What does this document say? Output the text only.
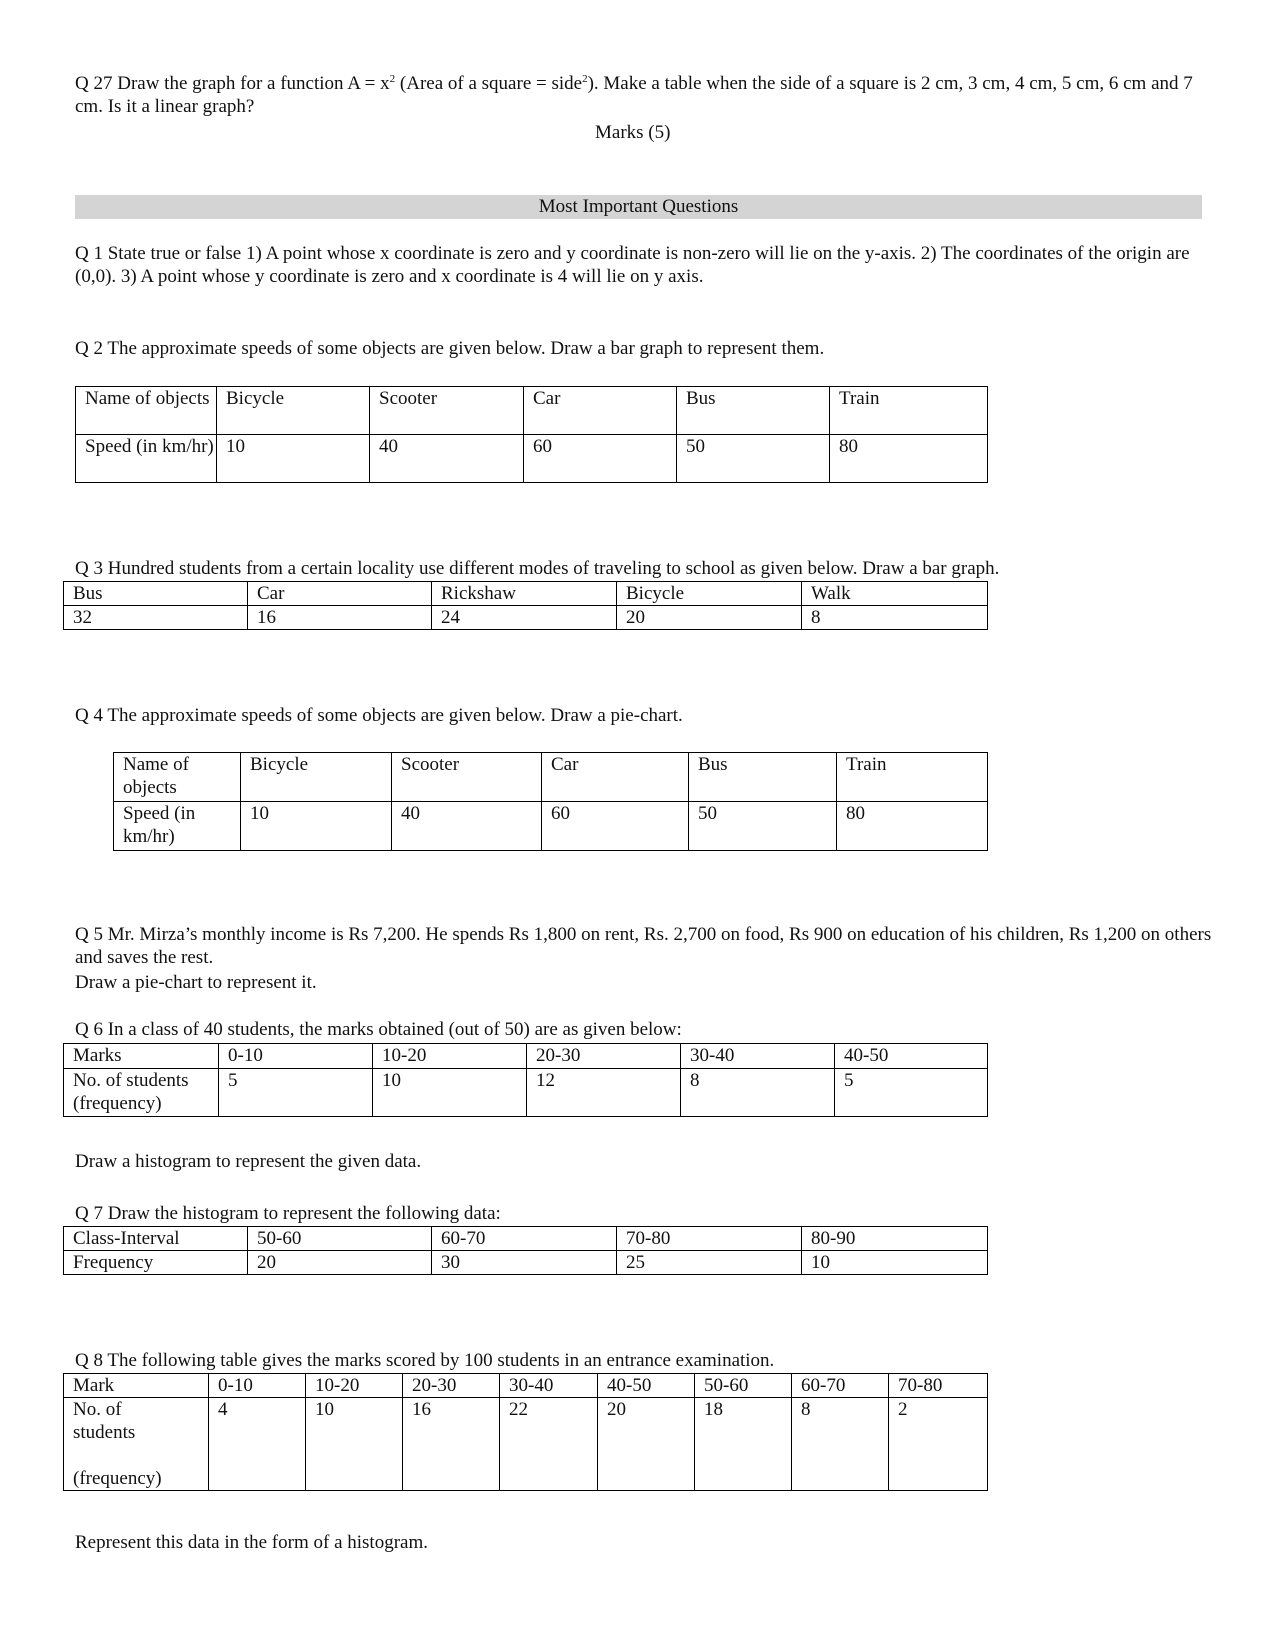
Q 27 Draw the graph for a function $A = x^2$ (Area of a square = side$^2$). Make a table when the side of a square is 2 cm, 3 cm, 4 cm, 5 cm, 6 cm and 7 cm. Is it a linear graph?
Marks (5)
Most Important Questions
Q 1 State true or false 1) A point whose x coordinate is zero and y coordinate is non-zero will lie on the y-axis. 2) The coordinates of the origin are (0,0). 3) A point whose y coordinate is zero and x coordinate is 4 will lie on y axis.
Q 2 The approximate speeds of some objects are given below. Draw a bar graph to represent them.
Name of objects	Bicycle	Scooter	Car	Bus	Train
Speed (in km/hr)	10	40	60	50	80
Q 3 Hundred students from a certain locality use different modes of traveling to school as given below. Draw a bar graph.
Bus	Car	Rickshaw	Bicycle	Walk
32	16	24	20	8
Q 4 The approximate speeds of some objects are given below. Draw a pie-chart.
Name of objects	Bicycle	Scooter	Car	Bus	Train
Speed (in km/hr)	10	40	60	50	80
Q 5 Mr. Mirza’s monthly income is Rs 7,200. He spends Rs 1,800 on rent, Rs. 2,700 on food, Rs 900 on education of his children, Rs 1,200 on others and saves the rest.
Draw a pie-chart to represent it.
Q 6 In a class of 40 students, the marks obtained (out of 50) are as given below:
Marks	0-10	10-20	20-30	30-40	40-50
No. of students (frequency)	5	10	12	8	5
Draw a histogram to represent the given data.
Q 7 Draw the histogram to represent the following data:
Class-Interval	50-60	60-70	70-80	80-90
Frequency	20	30	25	10
Q 8 The following table gives the marks scored by 100 students in an entrance examination.
Mark	0-10	10-20	20-30	30-40	40-50	50-60	60-70	70-80

No. of students
(frequency)	4	10	16	22	20	18	8	2
Represent this data in the form of a histogram.
